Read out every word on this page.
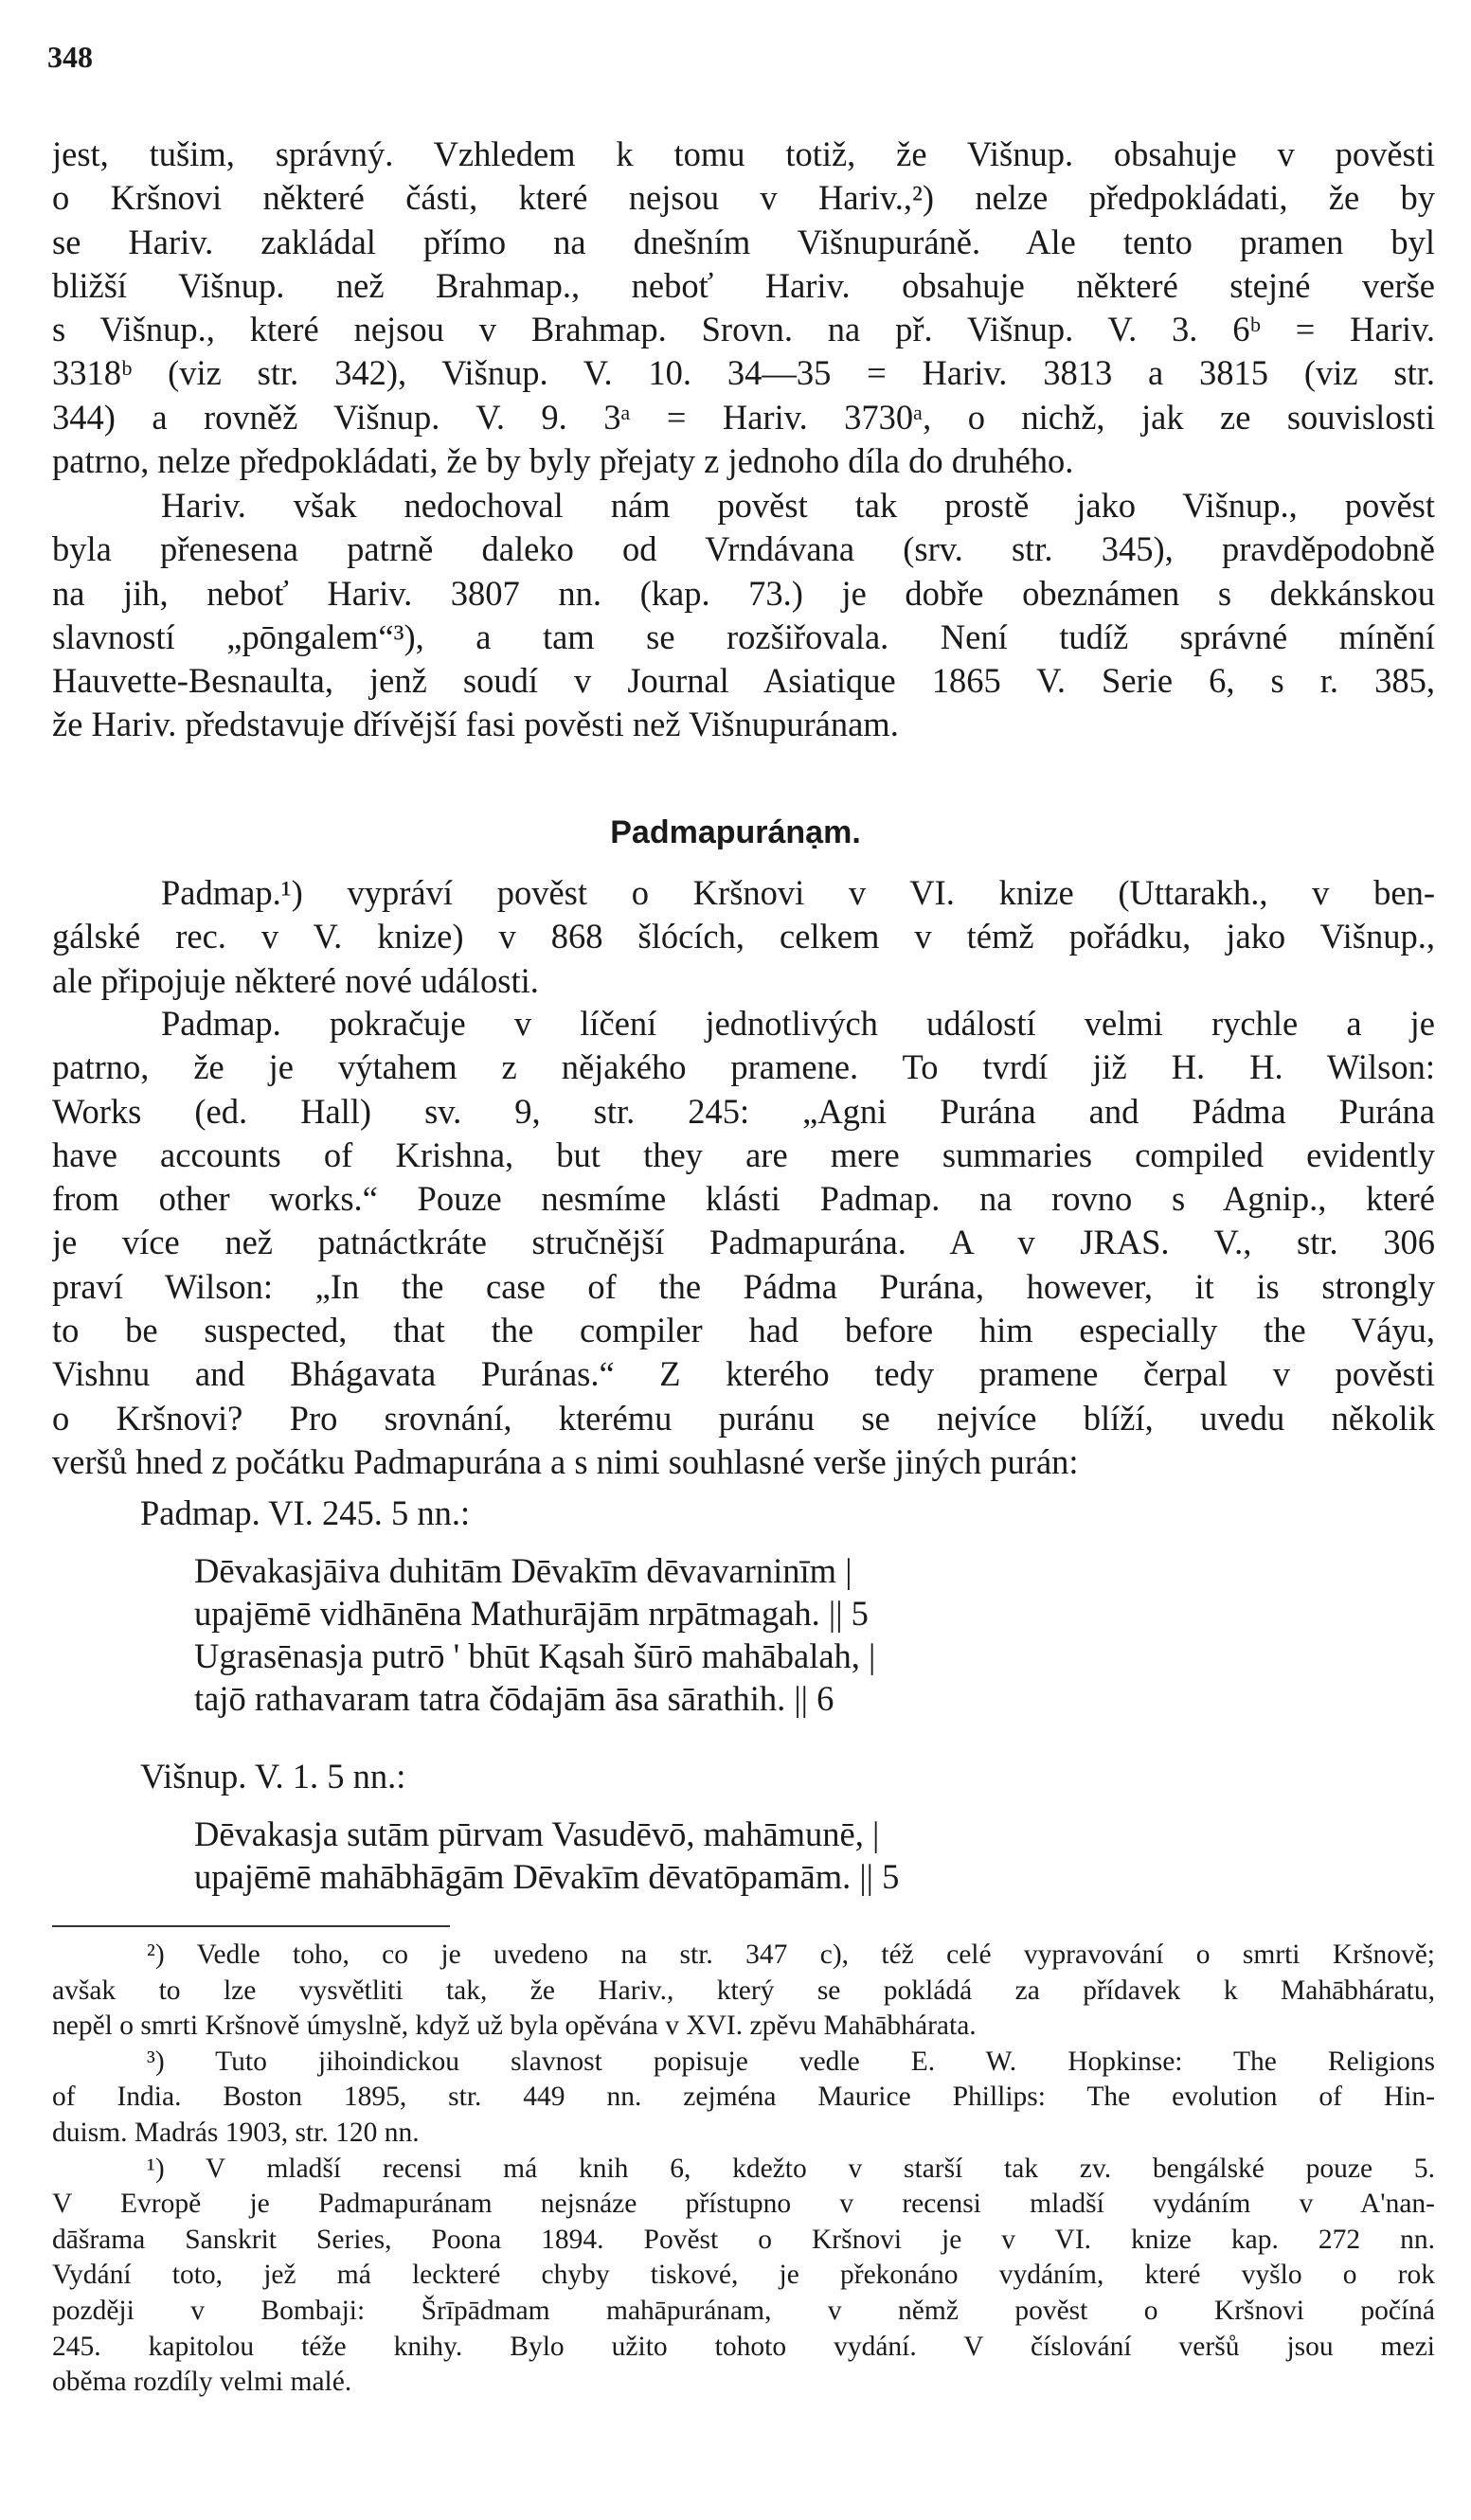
348
jest, tušim, správný. Vzhledem k tomu totiž, že Višnup. obsahuje v pověsti
o Kršnovi některé části, které nejsou v Hariv.,²) nelze předpokládati, že by
se Hariv. zakládal přímo na dnešním Višnupuráně. Ale tento pramen byl
bližší Višnup. než Brahmap., neboť Hariv. obsahuje některé stejné verše
s Višnup., které nejsou v Brahmap. Srovn. na př. Višnup. V. 3. 6ᵇ = Hariv.
3318ᵇ (viz str. 342), Višnup. V. 10. 34—35 = Hariv. 3813 a 3815 (viz str.
344) a rovněž Višnup. V. 9. 3ᵃ = Hariv. 3730ᵃ, o nichž, jak ze souvislosti
patrno, nelze předpokládati, že by byly přejaty z jednoho díla do druhého.
Hariv. však nedochoval nám pověst tak prostě jako Višnup., pověst
byla přenesena patrně daleko od Vrndávana (srv. str. 345), pravděpodobně
na jih, neboť Hariv. 3807 nn. (kap. 73.) je dobře obeznámen s dekkánskou
slavností „pōngalem“³), a tam se rozšiřovala. Není tudíž správné mínění
Hauvette-Besnaulta, jenž soudí v Journal Asiatique 1865 V. Serie 6, s r. 385,
že Hariv. představuje dřívější fasi pověsti než Višnupuránam.
Padmapuránạm.
Padmap.¹) vypráví pověst o Kršnovi v VI. knize (Uttarakh., v ben-
gálské rec. v V. knize) v 868 šlócích, celkem v témž pořádku, jako Višnup.,
ale připojuje některé nové události.
Padmap. pokračuje v líčení jednotlivých událostí velmi rychle a je
patrno, že je výtahem z nějakého pramene. To tvrdí již H. H. Wilson:
Works (ed. Hall) sv. 9, str. 245: „Agni Purána and Pádma Purána
have accounts of Krishna, but they are mere summaries compiled evidently
from other works.“ Pouze nesmíme klásti Padmap. na rovno s Agnip., které
je více než patnáctkráte stručnější Padmapurána. A v JRAS. V., str. 306
praví Wilson: „In the case of the Pádma Purána, however, it is strongly
to be suspected, that the compiler had before him especially the Váyu,
Vishnu and Bhágavata Puránas.“ Z kterého tedy pramene čerpal v pověsti
o Kršnovi? Pro srovnání, kterému puránu se nejvíce blíží, uvedu několik
veršů hned z počátku Padmapurána a s nimi souhlasné verše jiných purán:
Padmap. VI. 245. 5 nn.:
Dēvakasjāiva duhitām Dēvakīm dēvavarninīm |
upajēmē vidhānēna Mathurājām nrpātmagah. || 5
Ugrasēnasja putrō ' bhūt Kąsah šūrō mahābalah, |
tajō rathavaram tatra čōdajām āsa sārathih. || 6
Višnup. V. 1. 5 nn.:
Dēvakasja sutām pūrvam Vasudēvō, mahāmunē, |
upajēmē mahābhāgām Dēvakīm dēvatōpamām. || 5
²) Vedle toho, co je uvedeno na str. 347 c), též celé vypravování o smrti Kršnově;
avšak to lze vysvětliti tak, že Hariv., který se pokládá za přídavek k Mahābháratu,
nepěl o smrti Kršnově úmyslně, když už byla opěvána v XVI. zpěvu Mahābhárata.
³) Tuto jihoindickou slavnost popisuje vedle E. W. Hopkinse: The Religions
of India. Boston 1895, str. 449 nn. zejména Maurice Phillips: The evolution of Hin-
duism. Madrás 1903, str. 120 nn.
¹) V mladší recensi má knih 6, kdežto v starší tak zv. bengálské pouze 5.
V Evropě je Padmapuránam nejsnáze přístupno v recensi mladší vydáním v A'nan-
dāšrama Sanskrit Series, Poona 1894. Pověst o Kršnovi je v VI. knize kap. 272 nn.
Vydání toto, jež má leckteré chyby tiskové, je překonáno vydáním, které vyšlo o rok
později v Bombaji: Šrīpādmam mahāpuránam, v němž pověst o Kršnovi počíná
245. kapitolou téže knihy. Bylo užito tohoto vydání. V číslování veršů jsou mezi
oběma rozdíly velmi malé.
